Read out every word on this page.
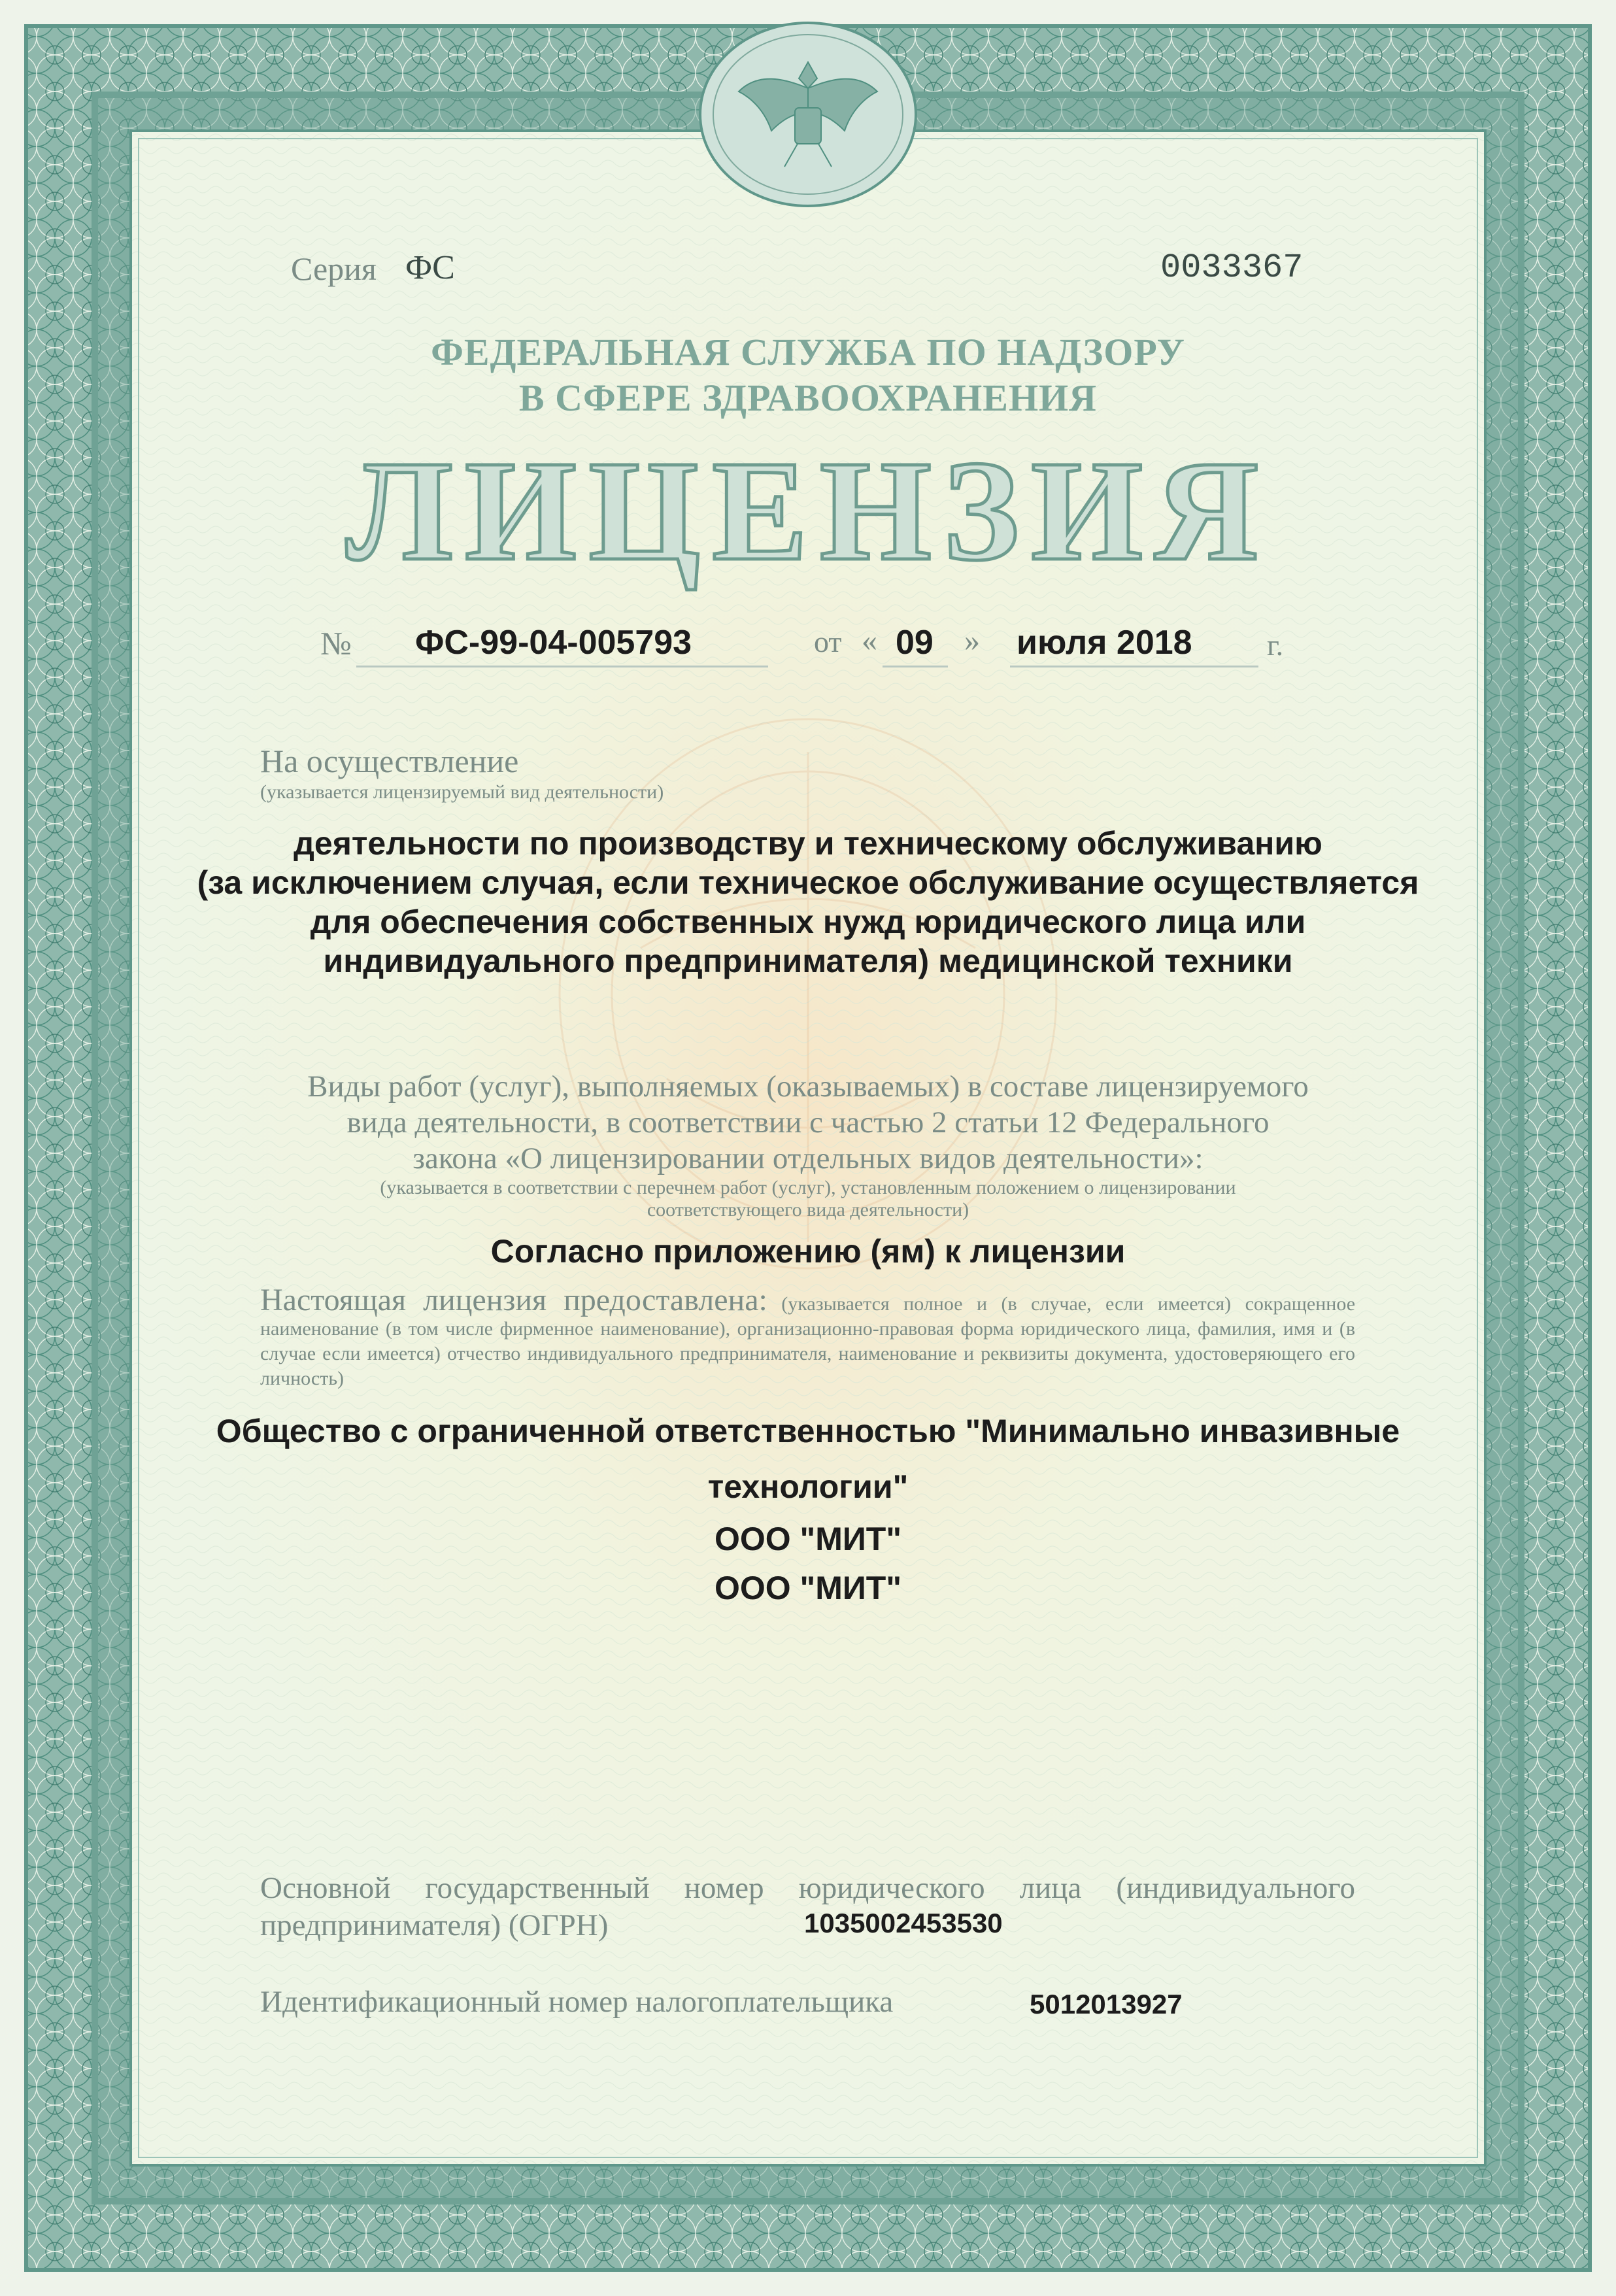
Серия ФС	0033367
ФЕДЕРАЛЬНАЯ СЛУЖБА ПО НАДЗОРУ
В СФЕРЕ ЗДРАВООХРАНЕНИЯ
ЛИЦЕНЗИЯ
№ ФС-99-04-005793	от « 09 » июля 2018 г.
На осуществление
(указывается лицензируемый вид деятельности)
деятельности по производству и техническому обслуживанию
(за исключением случая, если техническое обслуживание осуществляется
для обеспечения собственных нужд юридического лица или
индивидуального предпринимателя) медицинской техники
Виды работ (услуг), выполняемых (оказываемых) в составе лицензируемого
вида деятельности, в соответствии с частью 2 статьи 12 Федерального
закона «О лицензировании отдельных видов деятельности»:
(указывается в соответствии с перечнем работ (услуг), установленным положением о лицензировании
соответствующего вида деятельности)
Согласно приложению (ям) к лицензии
Настоящая лицензия предоставлена: (указывается полное и (в случае, если имеется) сокращенное наименование (в том числе фирменное наименование), организационно-правовая форма юридического лица, фамилия, имя и (в случае если имеется) отчество индивидуального предпринимателя, наименование и реквизиты документа, удостоверяющего его личность)
Общество с ограниченной ответственностью "Минимально инвазивные
технологии"
ООО "МИТ"
ООО "МИТ"
Основной государственный номер юридического лица (индивидуального
предпринимателя) (ОГРН)	1035002453530
Идентификационный номер налогоплательщика	5012013927
